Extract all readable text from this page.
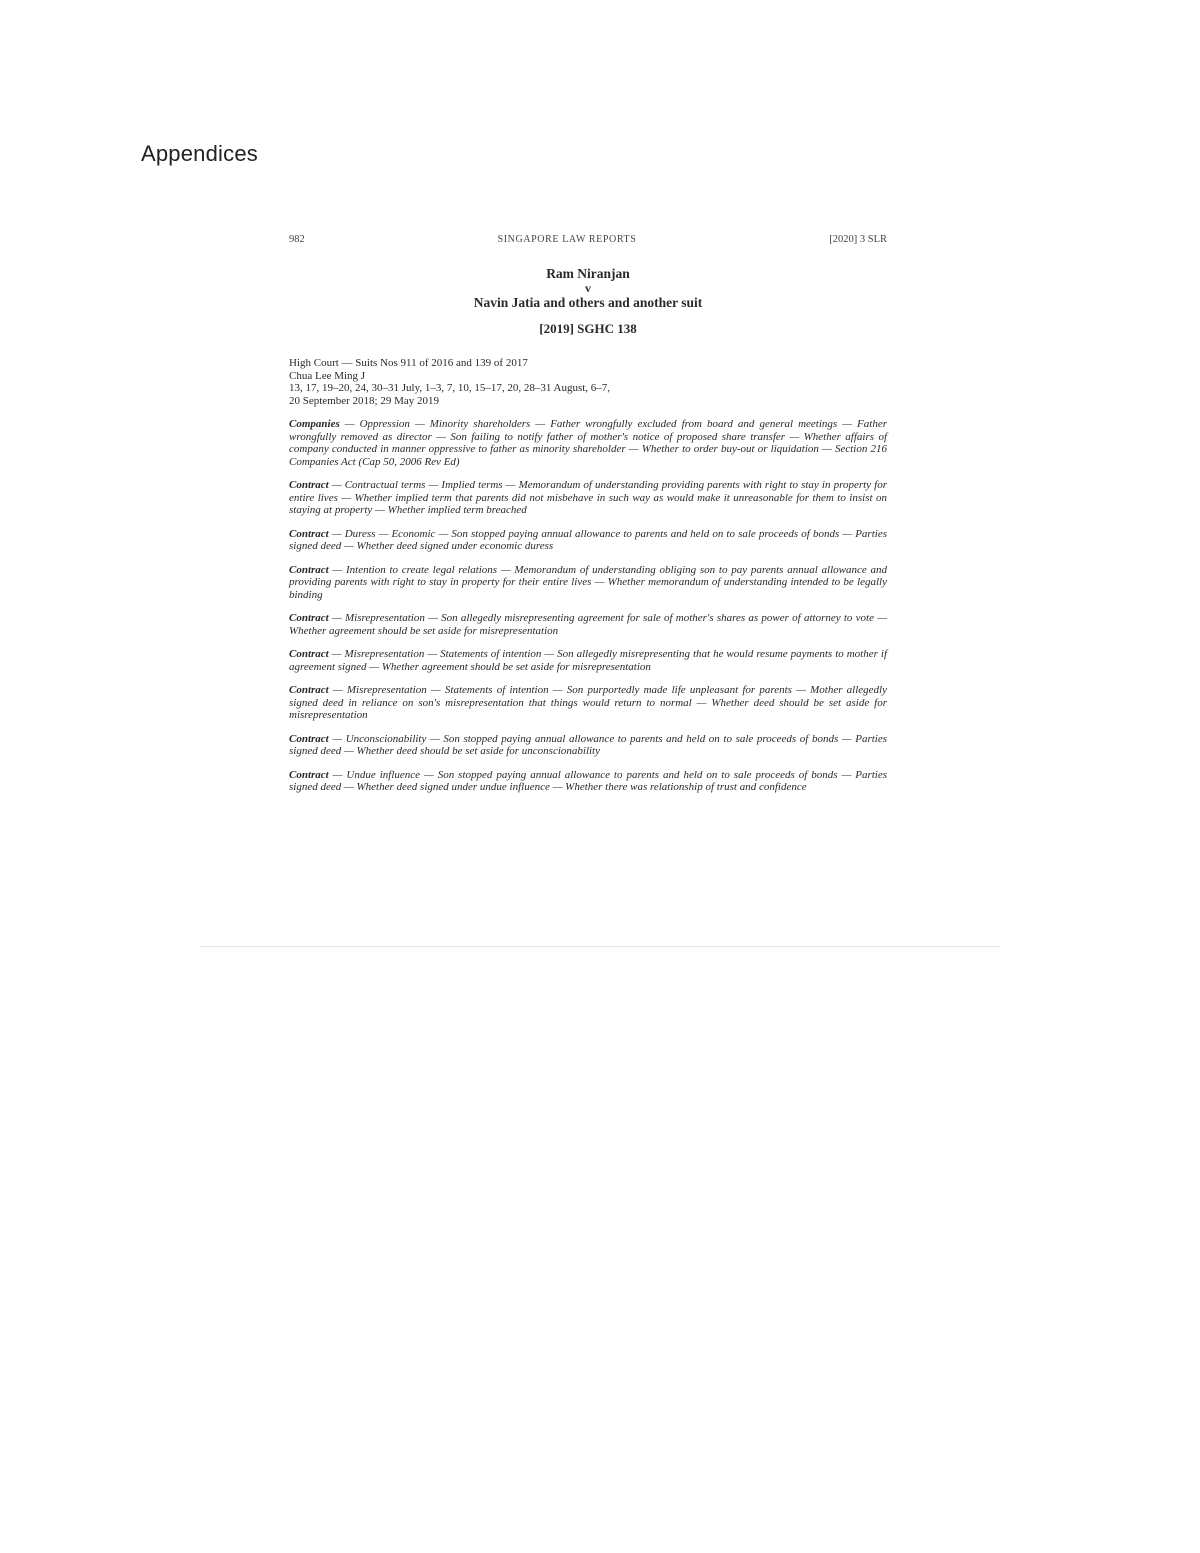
Appendices
982	SINGAPORE LAW REPORTS	[2020] 3 SLR
Ram Niranjan
v
Navin Jatia and others and another suit
[2019] SGHC 138
High Court — Suits Nos 911 of 2016 and 139 of 2017
Chua Lee Ming J
13, 17, 19–20, 24, 30–31 July, 1–3, 7, 10, 15–17, 20, 28–31 August, 6–7,
20 September 2018; 29 May 2019
Companies — Oppression — Minority shareholders — Father wrongfully excluded from board and general meetings — Father wrongfully removed as director — Son failing to notify father of mother's notice of proposed share transfer — Whether affairs of company conducted in manner oppressive to father as minority shareholder — Whether to order buy-out or liquidation — Section 216 Companies Act (Cap 50, 2006 Rev Ed)
Contract — Contractual terms — Implied terms — Memorandum of understanding providing parents with right to stay in property for entire lives — Whether implied term that parents did not misbehave in such way as would make it unreasonable for them to insist on staying at property — Whether implied term breached
Contract — Duress — Economic — Son stopped paying annual allowance to parents and held on to sale proceeds of bonds — Parties signed deed — Whether deed signed under economic duress
Contract — Intention to create legal relations — Memorandum of understanding obliging son to pay parents annual allowance and providing parents with right to stay in property for their entire lives — Whether memorandum of understanding intended to be legally binding
Contract — Misrepresentation — Son allegedly misrepresenting agreement for sale of mother's shares as power of attorney to vote — Whether agreement should be set aside for misrepresentation
Contract — Misrepresentation — Statements of intention — Son allegedly misrepresenting that he would resume payments to mother if agreement signed — Whether agreement should be set aside for misrepresentation
Contract — Misrepresentation — Statements of intention — Son purportedly made life unpleasant for parents — Mother allegedly signed deed in reliance on son's misrepresentation that things would return to normal — Whether deed should be set aside for misrepresentation
Contract — Unconscionability — Son stopped paying annual allowance to parents and held on to sale proceeds of bonds — Parties signed deed — Whether deed should be set aside for unconscionability
Contract — Undue influence — Son stopped paying annual allowance to parents and held on to sale proceeds of bonds — Parties signed deed — Whether deed signed under undue influence — Whether there was relationship of trust and confidence
